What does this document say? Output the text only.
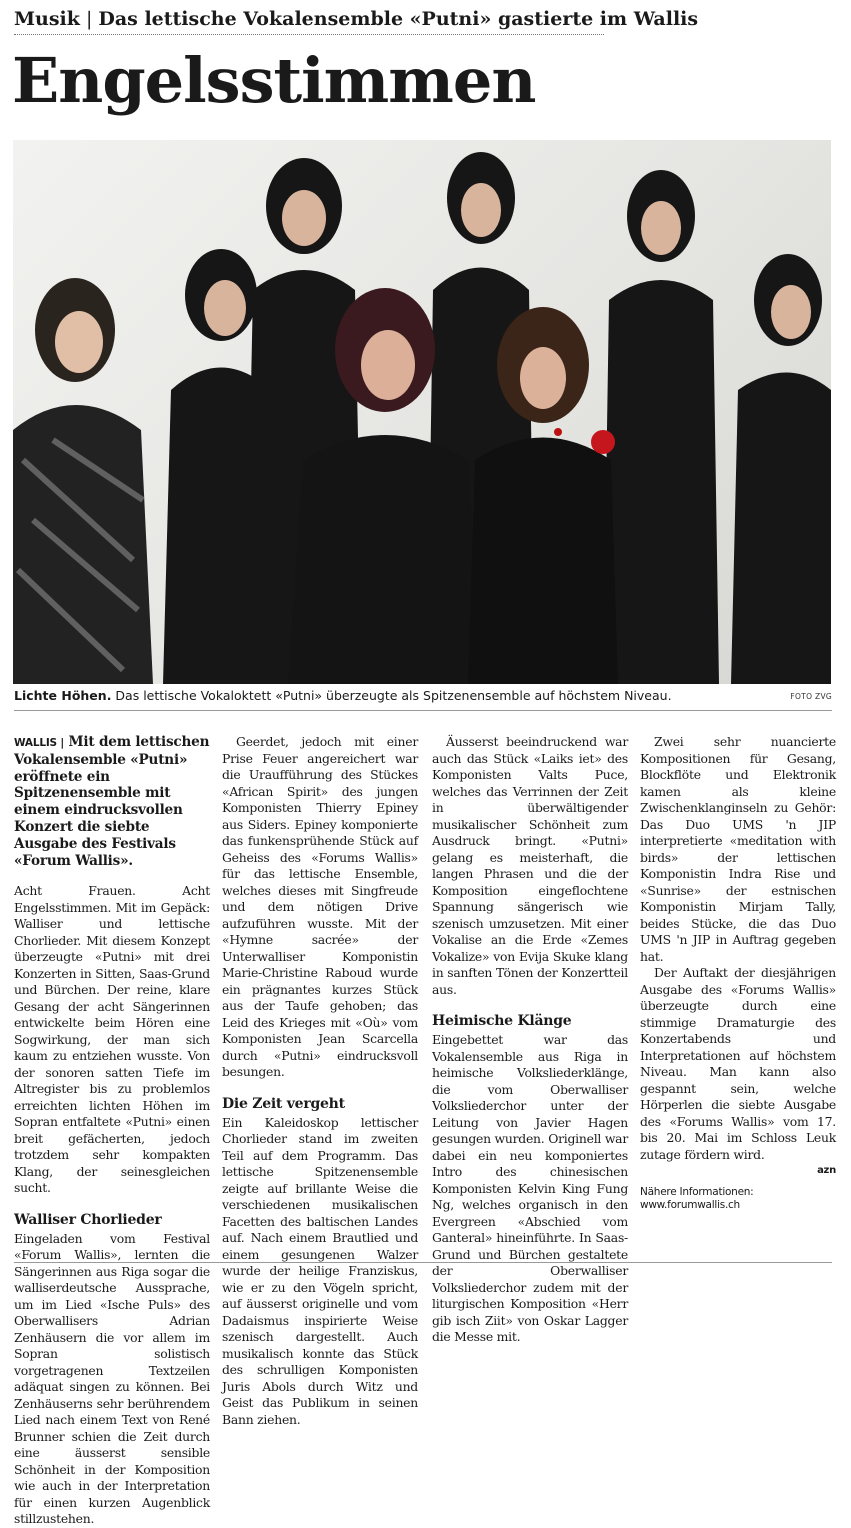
Musik | Das lettische Vokalensemble «Putni» gastierte im Wallis
Engelsstimmen
Lichte Höhen. Das lettische Vokaloktett «Putni» überzeugte als Spitzenensemble auf höchstem Niveau.	FOTO ZVG
WALLIS | Mit dem lettischen Vokalensemble «Putni» eröffnete ein Spitzenensemble mit einem eindrucksvollen Konzert die siebte Ausgabe des Festivals «Forum Wallis».

Acht Frauen. Acht Engelsstimmen. Mit im Gepäck: Walliser und lettische Chorlieder. Mit diesem Konzept überzeugte «Putni» mit drei Konzerten in Sitten, Saas-Grund und Bürchen. Der reine, klare Gesang der acht Sängerinnen entwickelte beim Hören eine Sogwirkung, der man sich kaum zu entziehen wusste. Von der sonoren satten Tiefe im Altregister bis zu problemlos erreichten lichten Höhen im Sopran entfaltete «Putni» einen breit gefächerten, jedoch trotzdem sehr kompakten Klang, der seinesgleichen sucht.

Walliser Chorlieder

Eingeladen vom Festival «Forum Wallis», lernten die Sängerinnen aus Riga sogar die walliserdeutsche Aussprache, um im Lied «Ische Puls» des Oberwallisers Adrian Zenhäusern die vor allem im Sopran solistisch vorgetragenen Textzeilen adäquat singen zu können. Bei Zenhäuserns sehr berührendem Lied nach einem Text von René Brunner schien die Zeit durch eine äusserst sensible Schönheit in der Komposition wie auch in der Interpretation für einen kurzen Augenblick stillzustehen.

Geerdet, jedoch mit einer Prise Feuer angereichert war die Uraufführung des Stückes «African Spirit» des jungen Komponisten Thierry Epiney aus Siders. Epiney komponierte das funkensprühende Stück auf Geheiss des «Forums Wallis» für das lettische Ensemble, welches dieses mit Singfreude und dem nötigen Drive aufzuführen wusste. Mit der «Hymne sacrée» der Unterwalliser Komponistin Marie-Christine Raboud wurde ein prägnantes kurzes Stück aus der Taufe gehoben; das Leid des Krieges mit «Où» vom Komponisten Jean Scarcella durch «Putni» eindrucksvoll besungen.

Die Zeit vergeht

Ein Kaleidoskop lettischer Chorlieder stand im zweiten Teil auf dem Programm. Das lettische Spitzenensemble zeigte auf brillante Weise die verschiedenen musikalischen Facetten des baltischen Landes auf. Nach einem Brautlied und einem gesungenen Walzer wurde der heilige Franziskus, wie er zu den Vögeln spricht, auf äusserst originelle und vom Dadaismus inspirierte Weise szenisch dargestellt. Auch musikalisch konnte das Stück des schrulligen Komponisten Juris Abols durch Witz und Geist das Publikum in seinen Bann ziehen.

Äusserst beeindruckend war auch das Stück «Laiks iet» des Komponisten Valts Puce, welches das Verrinnen der Zeit in überwältigender musikalischer Schönheit zum Ausdruck bringt. «Putni» gelang es meisterhaft, die langen Phrasen und die der Komposition eingeflochtene Spannung sängerisch wie szenisch umzusetzen. Mit einer Vokalise an die Erde «Zemes Vokalize» von Evija Skuke klang in sanften Tönen der Konzertteil aus.

Heimische Klänge

Eingebettet war das Vokalensemble aus Riga in heimische Volksliederklänge, die vom Oberwalliser Volksliederchor unter der Leitung von Javier Hagen gesungen wurden. Originell war dabei ein neu komponiertes Intro des chinesischen Komponisten Kelvin King Fung Ng, welches organisch in den Evergreen «Abschied vom Ganteral» hineinführte. In Saas-Grund und Bürchen gestaltete der Oberwalliser Volksliederchor zudem mit der liturgischen Komposition «Herr gib isch Ziit» von Oskar Lagger die Messe mit.

Zwei sehr nuancierte Kompositionen für Gesang, Blockflöte und Elektronik kamen als kleine Zwischenklanginseln zu Gehör: Das Duo UMS 'n JIP interpretierte «meditation with birds» der lettischen Komponistin Indra Rise und «Sunrise» der estnischen Komponistin Mirjam Tally, beides Stücke, die das Duo UMS 'n JIP in Auftrag gegeben hat.

Der Auftakt der diesjährigen Ausgabe des «Forums Wallis» überzeugte durch eine stimmige Dramaturgie des Konzertabends und Interpretationen auf höchstem Niveau. Man kann also gespannt sein, welche Hörperlen die siebte Ausgabe des «Forums Wallis» vom 17. bis 20. Mai im Schloss Leuk zutage fördern wird.

azn
Nähere Informationen:
www.forumwallis.ch
